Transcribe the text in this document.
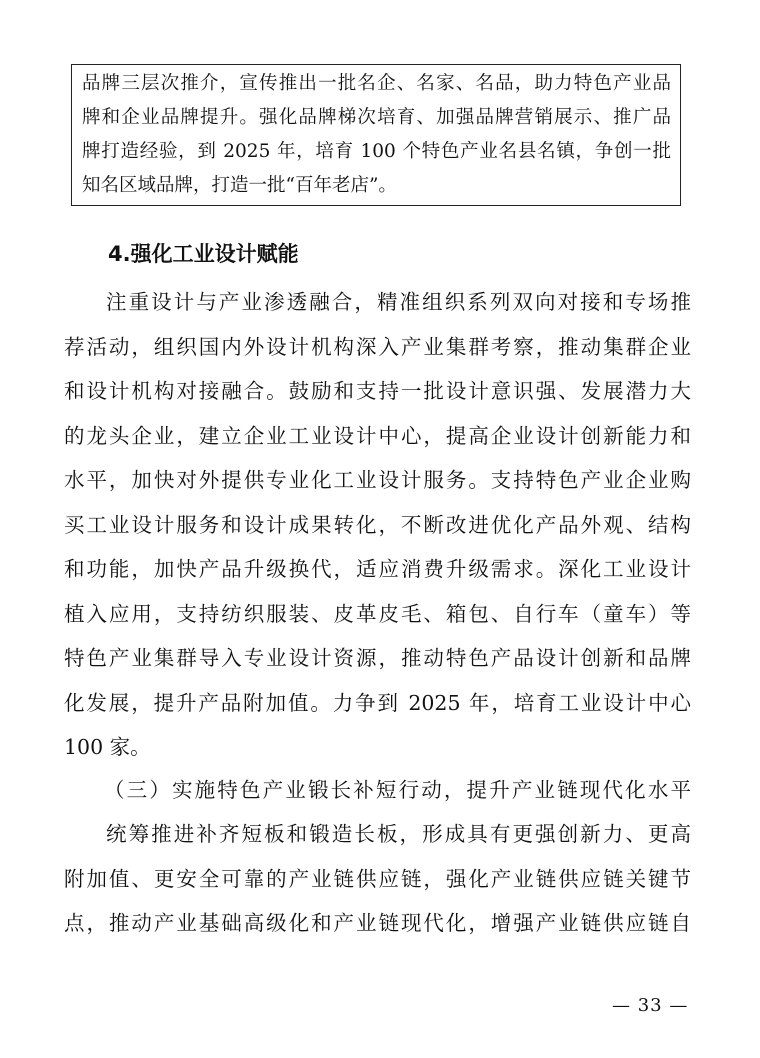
品牌三层次推介，宣传推出一批名企、名家、名品，助力特色产业品
牌和企业品牌提升。强化品牌梯次培育、加强品牌营销展示、推广品
牌打造经验，到 2025 年，培育 100 个特色产业名县名镇，争创一批
知名区域品牌，打造一批“百年老店”。
4.强化工业设计赋能
注重设计与产业渗透融合，精准组织系列双向对接和专场推
荐活动，组织国内外设计机构深入产业集群考察，推动集群企业
和设计机构对接融合。鼓励和支持一批设计意识强、发展潜力大
的龙头企业，建立企业工业设计中心，提高企业设计创新能力和
水平，加快对外提供专业化工业设计服务。支持特色产业企业购
买工业设计服务和设计成果转化，不断改进优化产品外观、结构
和功能，加快产品升级换代，适应消费升级需求。深化工业设计
植入应用，支持纺织服装、皮革皮毛、箱包、自行车（童车）等
特色产业集群导入专业设计资源，推动特色产品设计创新和品牌
化发展，提升产品附加值。力争到 2025 年，培育工业设计中心
100 家。
（三）实施特色产业锻长补短行动，提升产业链现代化水平
统筹推进补齐短板和锻造长板，形成具有更强创新力、更高
附加值、更安全可靠的产业链供应链，强化产业链供应链关键节
点，推动产业基础高级化和产业链现代化，增强产业链供应链自
— 33 —
